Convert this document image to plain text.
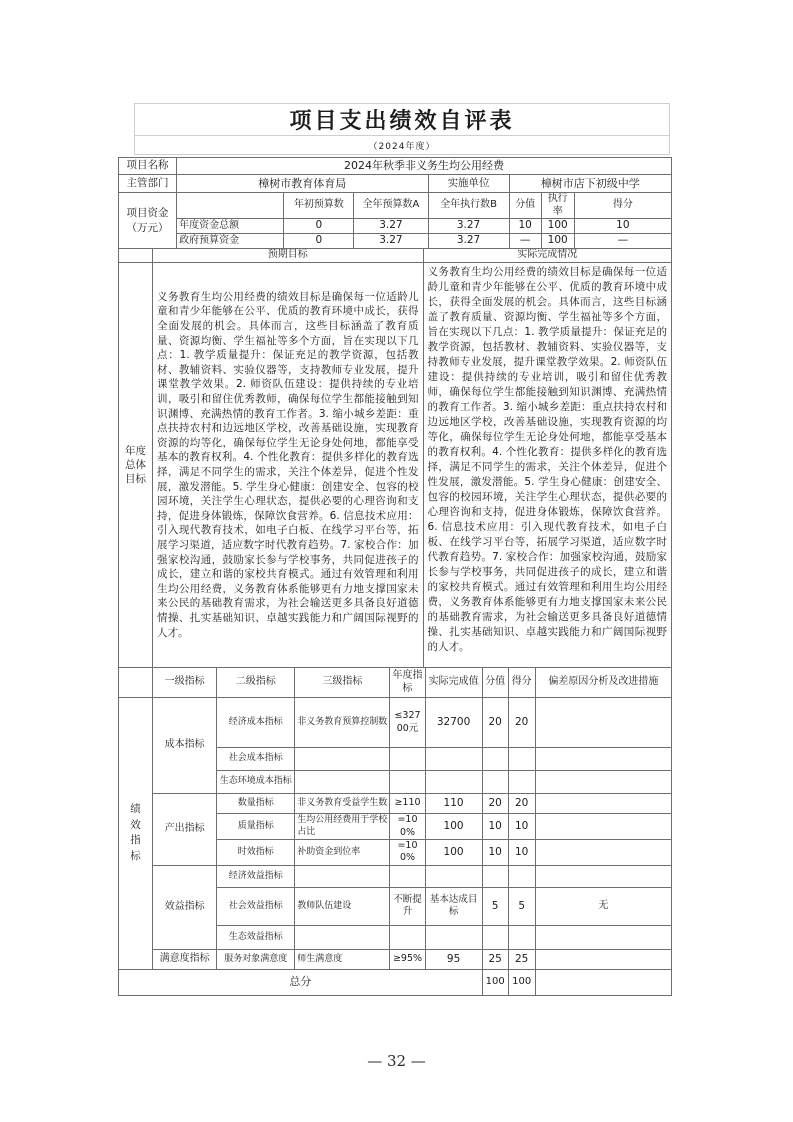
项目支出绩效自评表
（2024年度）
项目名称	2024年秋季非义务生均公用经费						
主管部门	樟树市教育体育局			实施单位	樟树市店下初级中学		

项目资金（万元）		年初预算数	全年预算数A	全年执行数B	分值	执行率	得分
	年度资金总额	0	3.27	3.27	10	100	10
	政府预算资金	0	3.27	3.27	—	100	—
	预期目标	实际完成情况

年度总体目标
	义务教育生均公用经费的绩效目标是确保每一位适龄儿童和青少年能够在公平、优质的教育环境中成长，获得全面发展的机会。具体而言，这些目标涵盖了教育质量、资源均衡、学生福祉等多个方面，旨在实现以下几点：1. 教学质量提升：保证充足的教学资源，包括教材、教辅资料、实验仪器等，支持教师专业发展，提升课堂教学效果。2. 师资队伍建设：提供持续的专业培训，吸引和留住优秀教师，确保每位学生都能接触到知识渊博、充满热情的教育工作者。3. 缩小城乡差距：重点扶持农村和边远地区学校，改善基础设施，实现教育资源的均等化，确保每位学生无论身处何地，都能享受基本的教育权利。4. 个性化教育：提供多样化的教育选择，满足不同学生的需求，关注个体差异，促进个性发展，激发潜能。5. 学生身心健康：创建安全、包容的校园环境，关注学生心理状态，提供必要的心理咨询和支持，促进身体锻炼，保障饮食营养。6. 信息技术应用：引入现代教育技术，如电子白板、在线学习平台等，拓展学习渠道，适应数字时代教育趋势。7. 家校合作：加强家校沟通，鼓励家长参与学校事务，共同促进孩子的成长，建立和谐的家校共育模式。通过有效管理和利用生均公用经费，义务教育体系能够更有力地支撑国家未来公民的基础教育需求，为社会输送更多具备良好道德情操、扎实基础知识、卓越实践能力和广阔国际视野的人才。	义务教育生均公用经费的绩效目标是确保每一位适龄儿童和青少年能够在公平、优质的教育环境中成长，获得全面发展的机会。具体而言，这些目标涵盖了教育质量、资源均衡、学生福祉等多个方面，旨在实现以下几点：1. 教学质量提升：保证充足的教学资源，包括教材、教辅资料、实验仪器等，支持教师专业发展，提升课堂教学效果。2. 师资队伍建设：提供持续的专业培训，吸引和留住优秀教师，确保每位学生都能接触到知识渊博、充满热情的教育工作者。3. 缩小城乡差距：重点扶持农村和边远地区学校，改善基础设施，实现教育资源的均等化，确保每位学生无论身处何地，都能享受基本的教育权利。4. 个性化教育：提供多样化的教育选择，满足不同学生的需求，关注个体差异，促进个性发展，激发潜能。5. 学生身心健康：创建安全、包容的校园环境，关注学生心理状态，提供必要的心理咨询和支持，促进身体锻炼，保障饮食营养。6. 信息技术应用：引入现代教育技术，如电子白板、在线学习平台等，拓展学习渠道，适应数字时代教育趋势。7. 家校合作：加强家校沟通，鼓励家长参与学校事务，共同促进孩子的成长，建立和谐的家校共育模式。通过有效管理和利用生均公用经费，义务教育体系能够更有力地支撑国家未来公民的基础教育需求，为社会输送更多具备良好道德情操、扎实基础知识、卓越实践能力和广阔国际视野的人才。
	一级指标	二级指标	三级指标	年度指标	实际完成值	分值	得分	偏差原因分析及改进措施

绩效指标	成本指标	经济成本指标	非义务教育预算控制数	≤32700元	32700	20	20	
		社会成本指标						
		生态环境成本指标						
	产出指标	数量指标	非义务教育受益学生数	≥110	110	20	20	
		质量指标	生均公用经费用于学校占比	=100%	100	10	10	
		时效指标	补助资金到位率	=100%	100	10	10	
	效益指标	经济效益指标						
		社会效益指标	教师队伍建设	不断提升	基本达成目标	5	5	无
		生态效益指标						
	满意度指标	服务对象满意度	师生满意度	≥95%	95	25	25	
总分						100	100	
— 32 —
